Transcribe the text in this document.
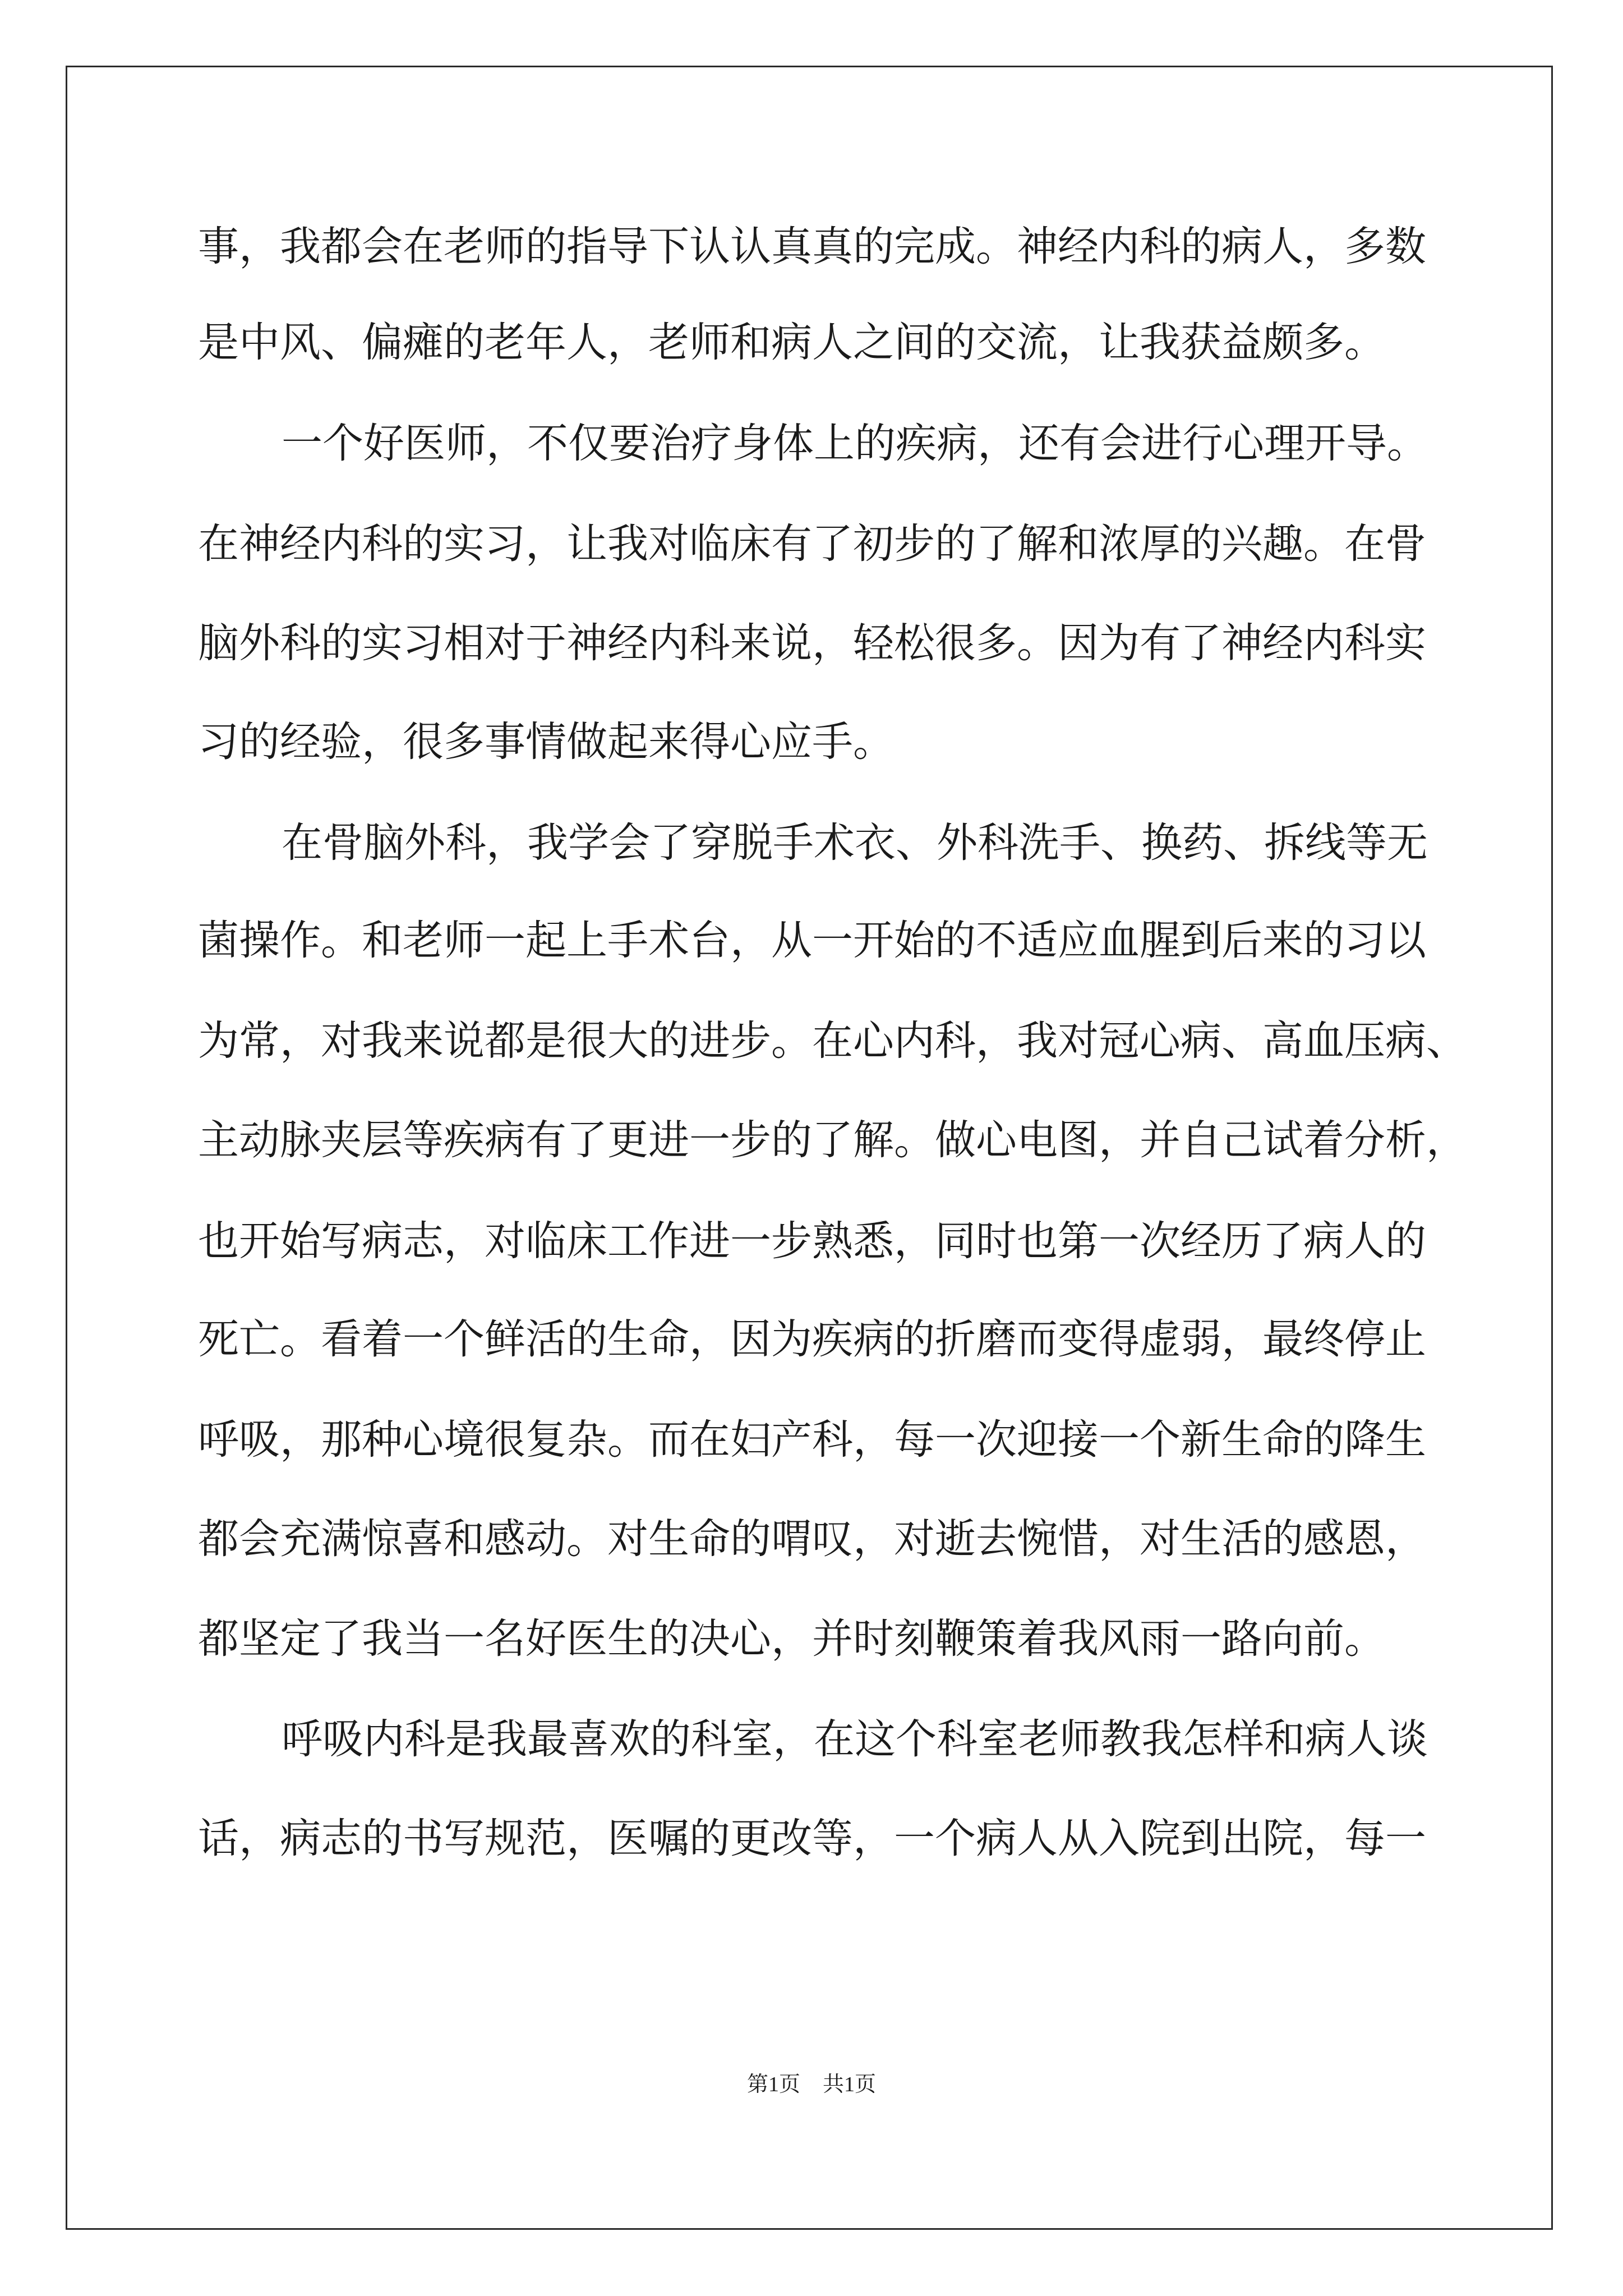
事，我都会在老师的指导下认认真真的完成。神经内科的病人，多数
是中风、偏瘫的老年人，老师和病人之间的交流，让我获益颇多。
一个好医师，不仅要治疗身体上的疾病，还有会进行心理开导。
在神经内科的实习，让我对临床有了初步的了解和浓厚的兴趣。在骨
脑外科的实习相对于神经内科来说，轻松很多。因为有了神经内科实
习的经验，很多事情做起来得心应手。
在骨脑外科，我学会了穿脱手术衣、外科洗手、换药、拆线等无
菌操作。和老师一起上手术台，从一开始的不适应血腥到后来的习以
为常，对我来说都是很大的进步。在心内科，我对冠心病、高血压病、
主动脉夹层等疾病有了更进一步的了解。做心电图，并自己试着分析，
也开始写病志，对临床工作进一步熟悉，同时也第一次经历了病人的
死亡。看着一个鲜活的生命，因为疾病的折磨而变得虚弱，最终停止
呼吸，那种心境很复杂。而在妇产科，每一次迎接一个新生命的降生
都会充满惊喜和感动。对生命的喟叹，对逝去惋惜，对生活的感恩，
都坚定了我当一名好医生的决心，并时刻鞭策着我风雨一路向前。
呼吸内科是我最喜欢的科室，在这个科室老师教我怎样和病人谈
话，病志的书写规范，医嘱的更改等，一个病人从入院到出院，每一
第1页 共1页
